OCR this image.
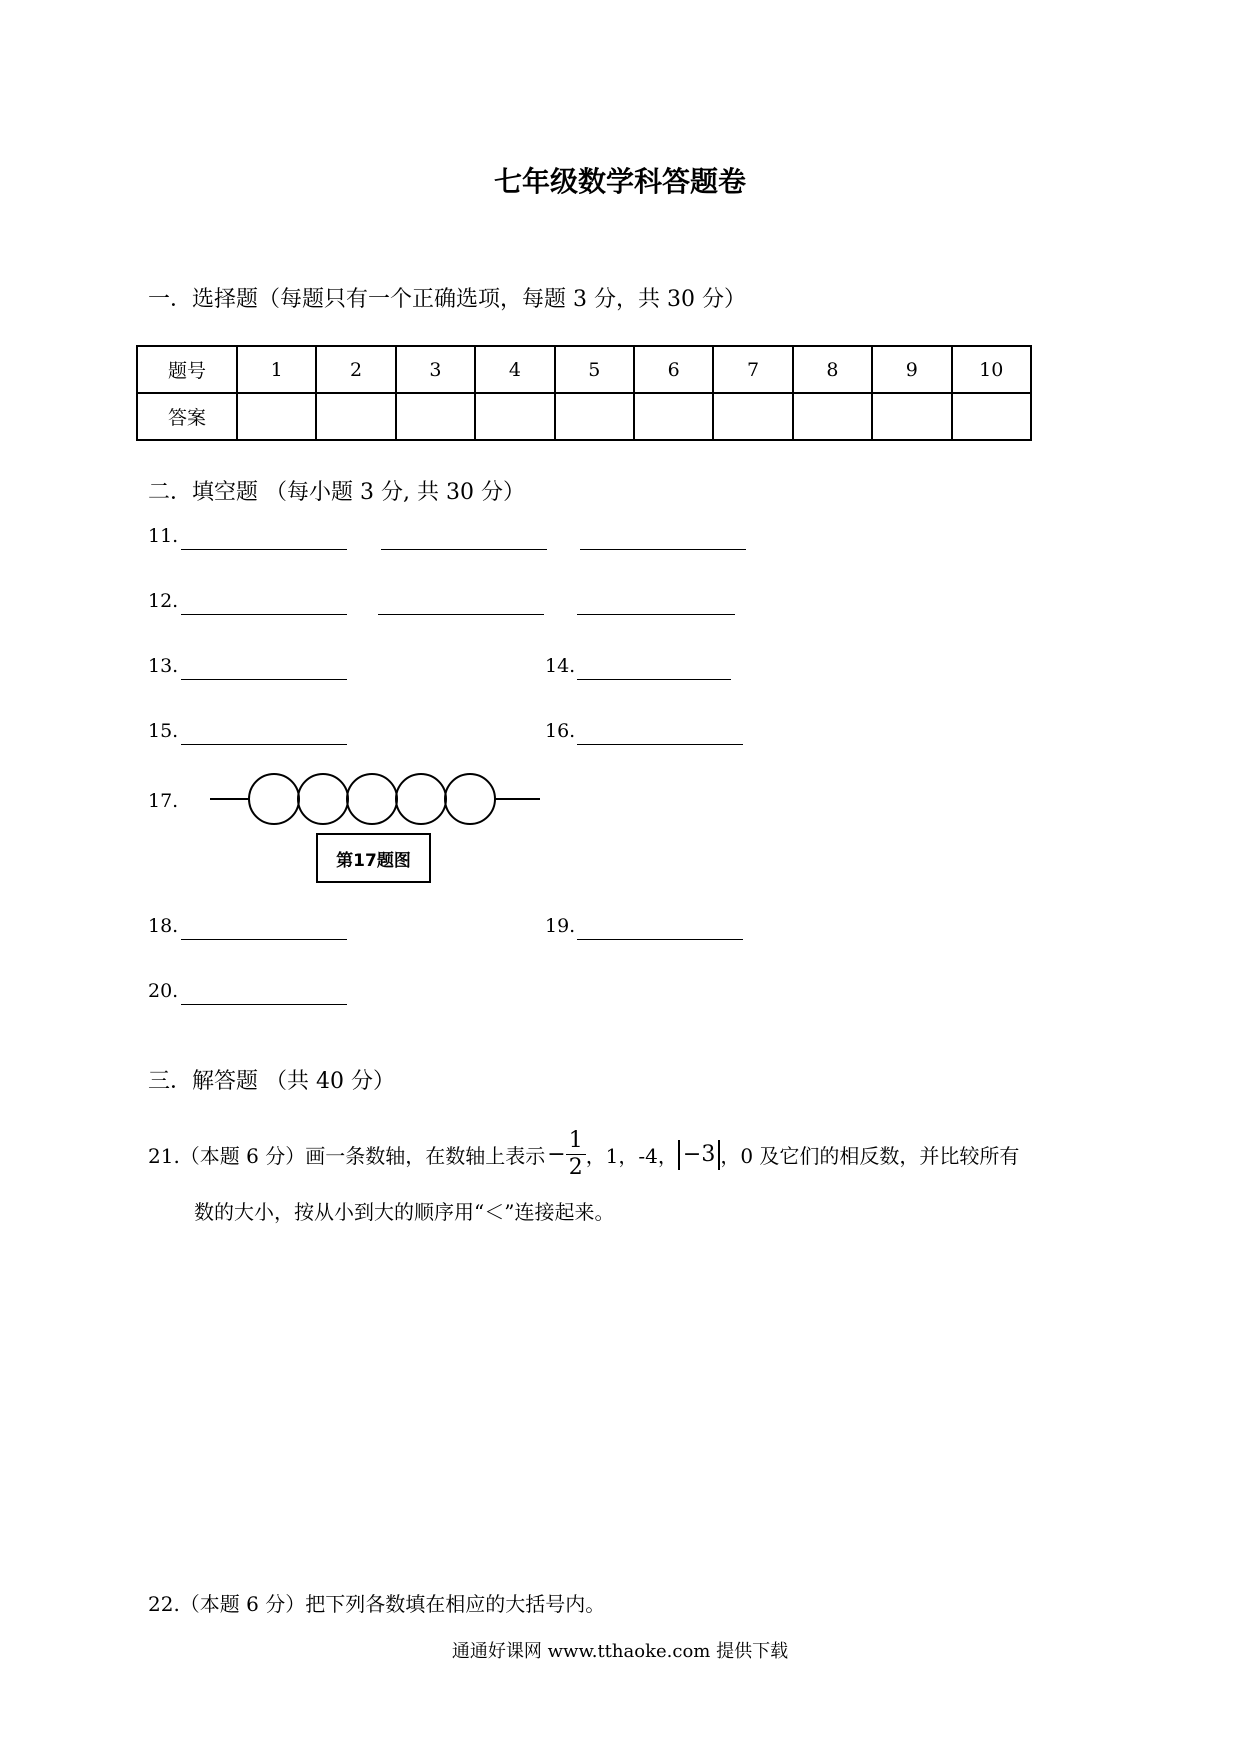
七年级数学科答题卷
一．选择题（每题只有一个正确选项，每题 3 分，共 30 分）
题号	1	2	3	4	5	6	7	8	9	10
答案										
二．填空题 （每小题 3 分, 共 30 分）
11.
12.
13.	14.
15.	16.
17.
第17题图
18.	19.
20.
三．解答题 （共 40 分）
21.（本题 6 分）画一条数轴，在数轴上表示 − $\frac{1}{2}$ ，1，-4， −3 ，0 及它们的相反数，并比较所有
数的大小，按从小到大的顺序用“＜”连接起来。
22.（本题 6 分）把下列各数填在相应的大括号内。
通通好课网 www.tthaoke.com 提供下载
